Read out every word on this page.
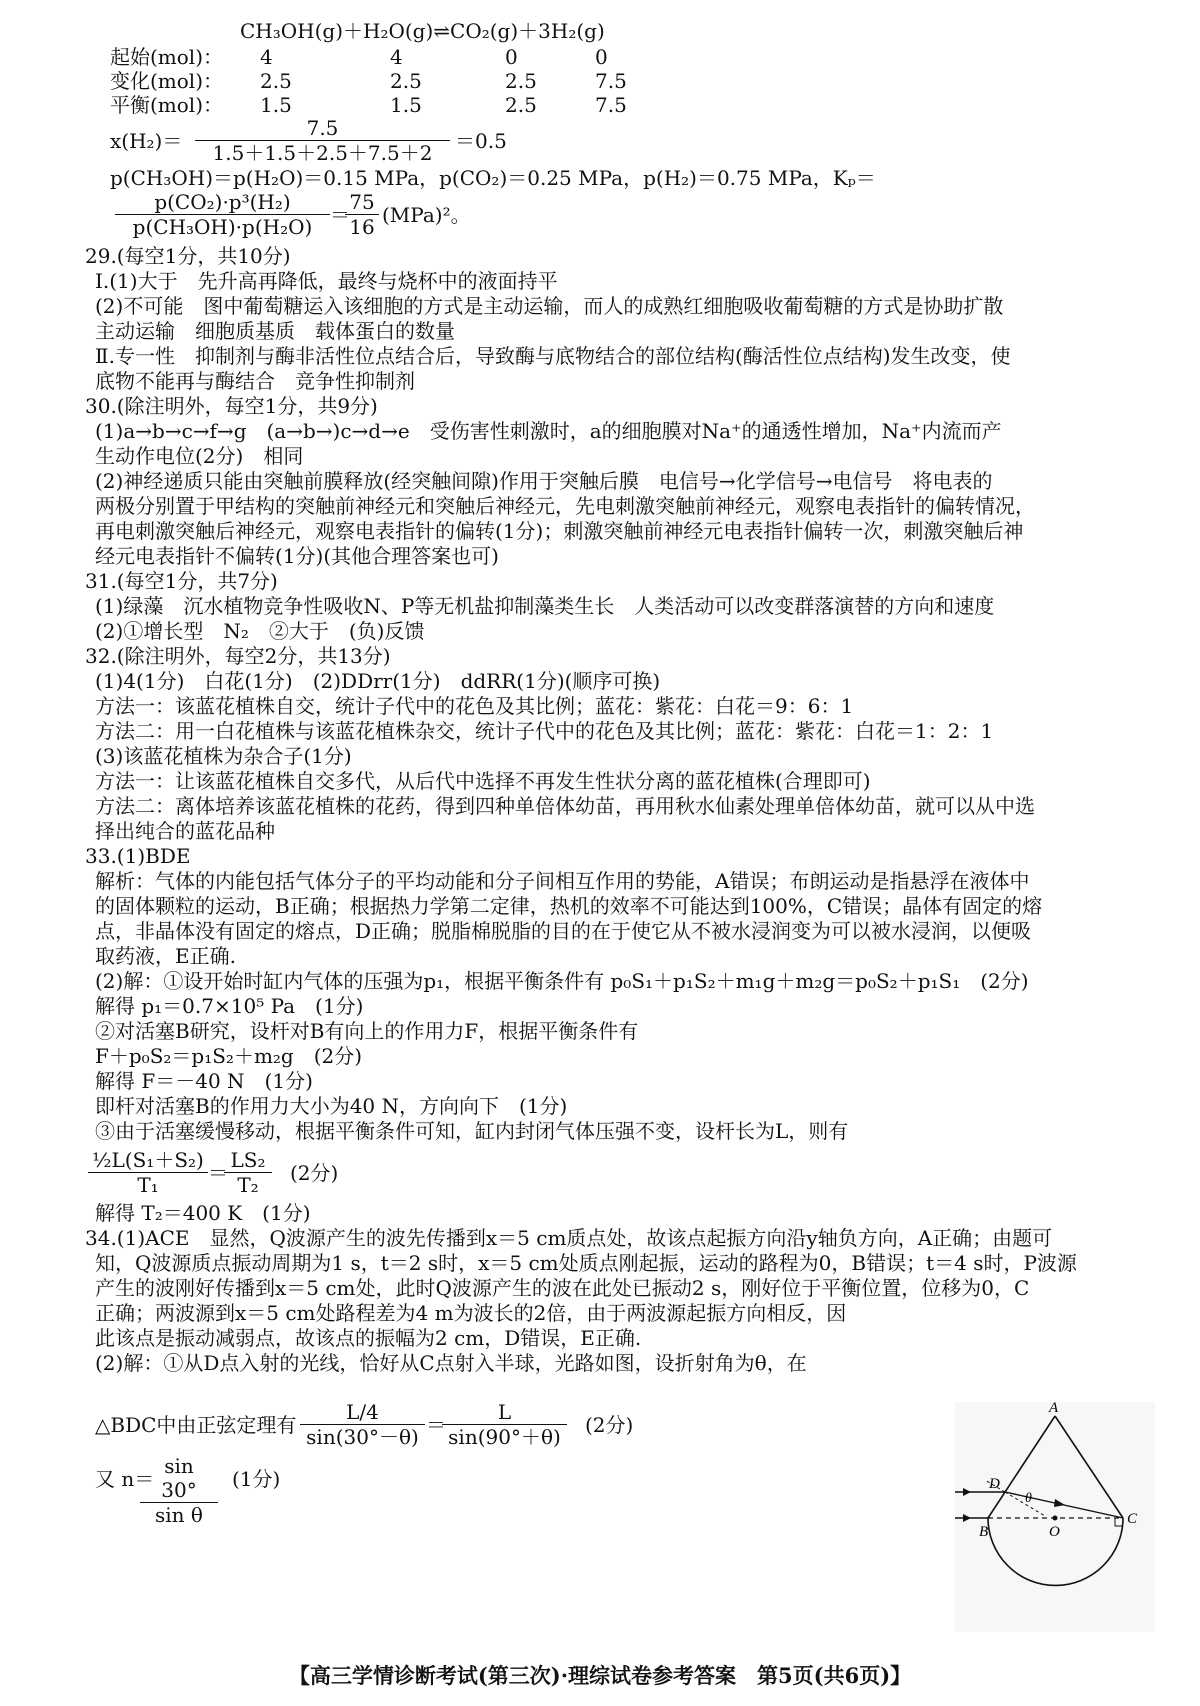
CH₃OH(g)＋H₂O(g)⇌CO₂(g)＋3H₂(g)
起始(mol)： 4	4	0	0
变化(mol)： 2.5	2.5	2.5	7.5
平衡(mol)： 1.5	1.5	2.5	7.5
$x(H_2)= \frac{7.5}{1.5+1.5+2.5+7.5+2} =0.5$
p(CH₃OH)＝p(H₂O)＝0.15 MPa，p(CO₂)＝0.25 MPa，p(H₂)＝0.75 MPa，Kₚ＝
$\frac{\text{p(CO₂)·p³(H₂)}}{\text{p(CH₃OH)·p(H₂O)}}$ ＝
$\frac{75}{16} (MPa)^2$。
29.(每空1分，共10分)
Ⅰ.(1)大于　先升高再降低，最终与烧杯中的液面持平
(2)不可能　图中葡萄糖运入该细胞的方式是主动运输，而人的成熟红细胞吸收葡萄糖的方式是协助扩散
主动运输　细胞质基质　载体蛋白的数量
Ⅱ.专一性　抑制剂与酶非活性位点结合后，导致酶与底物结合的部位结构(酶活性位点结构)发生改变，使
底物不能再与酶结合　竞争性抑制剂
30.(除注明外，每空1分，共9分)
(1)a→b→c→f→g　(a→b→)c→d→e　受伤害性刺激时，a的细胞膜对Na⁺的通透性增加，Na⁺内流而产
生动作电位(2分)　相同
(2)神经递质只能由突触前膜释放(经突触间隙)作用于突触后膜　电信号→化学信号→电信号　将电表的
两极分别置于甲结构的突触前神经元和突触后神经元，先电刺激突触前神经元，观察电表指针的偏转情况，
再电刺激突触后神经元，观察电表指针的偏转(1分)；刺激突触前神经元电表指针偏转一次，刺激突触后神
经元电表指针不偏转(1分)(其他合理答案也可)
31.(每空1分，共7分)
(1)绿藻　沉水植物竞争性吸收N、P等无机盐抑制藻类生长　人类活动可以改变群落演替的方向和速度
(2)①增长型　N₂　②大于　(负)反馈
32.(除注明外，每空2分，共13分)
(1)4(1分)　白花(1分)　(2)DDrr(1分)　ddRR(1分)(顺序可换)
方法一：该蓝花植株自交，统计子代中的花色及其比例；蓝花：紫花：白花＝9：6：1
方法二：用一白花植株与该蓝花植株杂交，统计子代中的花色及其比例；蓝花：紫花：白花＝1：2：1
(3)该蓝花植株为杂合子(1分)
方法一：让该蓝花植株自交多代，从后代中选择不再发生性状分离的蓝花植株(合理即可)
方法二：离体培养该蓝花植株的花药，得到四种单倍体幼苗，再用秋水仙素处理单倍体幼苗，就可以从中选
择出纯合的蓝花品种
33.(1)BDE
解析：气体的内能包括气体分子的平均动能和分子间相互作用的势能，A错误；布朗运动是指悬浮在液体中
的固体颗粒的运动，B正确；根据热力学第二定律，热机的效率不可能达到100%，C错误；晶体有固定的熔
点，非晶体没有固定的熔点，D正确；脱脂棉脱脂的目的在于使它从不被水浸润变为可以被水浸润，以便吸
取药液，E正确.
(2)解：①设开始时缸内气体的压强为p₁，根据平衡条件有 p₀S₁＋p₁S₂＋m₁g＋m₂g＝p₀S₂＋p₁S₁　(2分)
解得 p₁＝0.7×10⁵ Pa　(1分)
②对活塞B研究，设杆对B有向上的作用力F，根据平衡条件有
F＋p₀S₂＝p₁S₂＋m₂g　(2分)
解得 F＝－40 N　(1分)
即杆对活塞B的作用力大小为40 N，方向向下　(1分)
③由于活塞缓慢移动，根据平衡条件可知，缸内封闭气体压强不变，设杆长为L，则有
$\frac{\text{½L(S₁＋S₂)}}{\text{T₁}}$ ＝
$\frac{\text{LS₂}}{\text{T₂}} (2$分)
解得 T₂＝400 K　(1分)
34.(1)ACE　显然，Q波源产生的波先传播到x＝5 cm质点处，故该点起振方向沿y轴负方向，A正确；由题可
知，Q波源质点振动周期为1 s，t＝2 s时，x＝5 cm处质点刚起振，运动的路程为0，B错误；t＝4 s时，P波源
产生的波刚好传播到x＝5 cm处，此时Q波源产生的波在此处已振动2 s，刚好位于平衡位置，位移为0，C
正确；两波源到x＝5 cm处路程差为4 m为波长的2倍，由于两波源起振方向相反，因
此该点是振动减弱点，故该点的振幅为2 cm，D错误，E正确.
(2)解：①从D点入射的光线，恰好从C点射入半球，光路如图，设折射角为θ，在
△BDC中由正弦定理有 $\frac{L/4}{\sin(30^\circ-\theta)}$ ＝
$\frac{L}{\sin(90^\circ+\theta)} (2$分)
又 n＝
$\frac{\sin 30^\circ}{\text{sin θ}} (1$分)
A
D
θ
B	O
C
【高三学情诊断考试(第三次)·理综试卷参考答案　第5页(共6页)】
